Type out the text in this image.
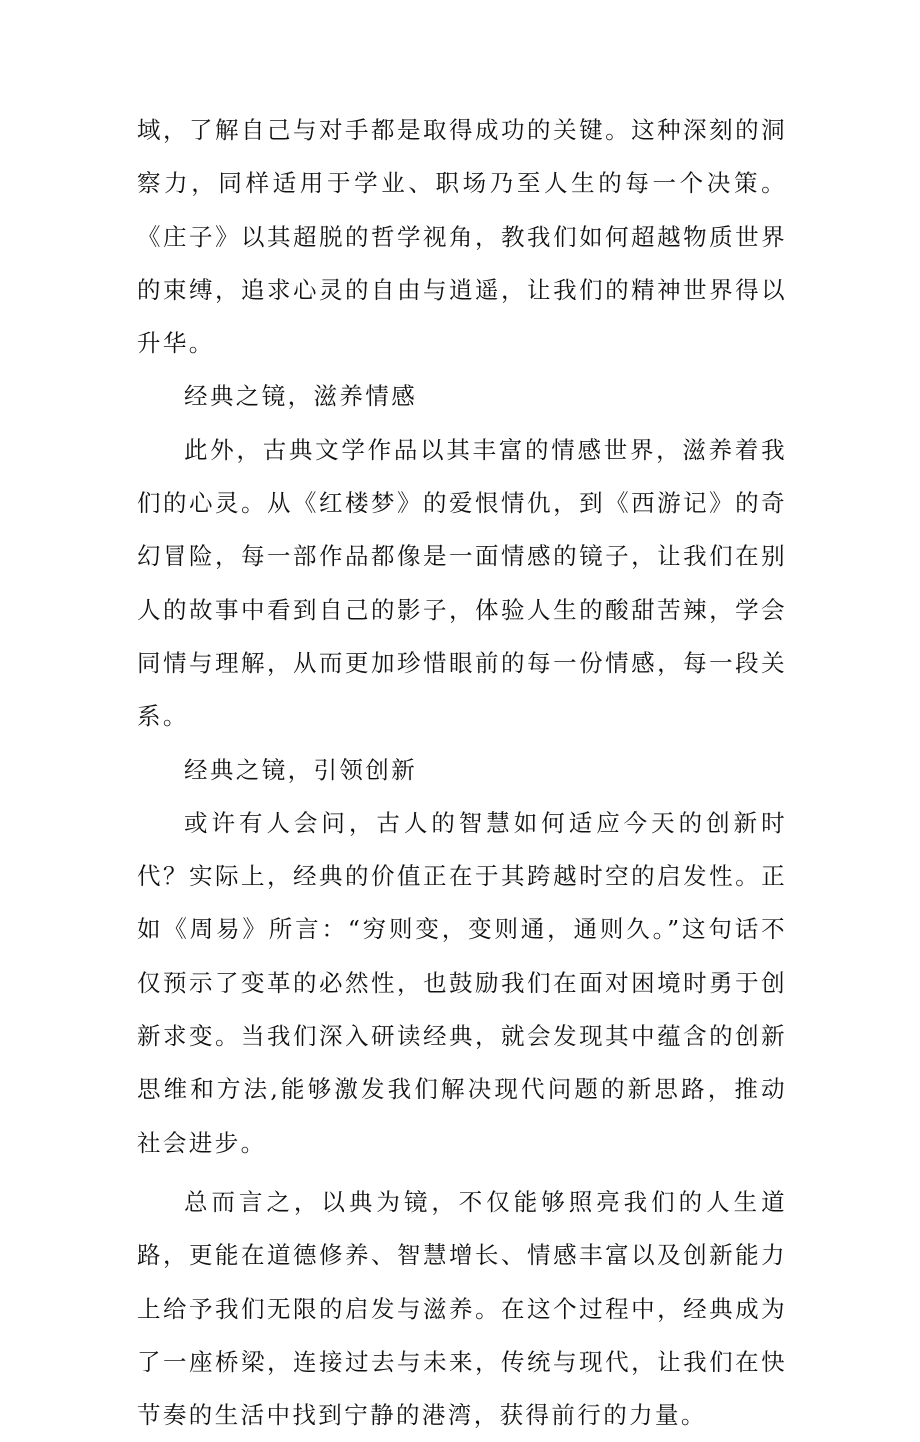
域，了解自己与对手都是取得成功的关键。这种深刻的洞察力，同样适用于学业、职场乃至人生的每一个决策。《庄子》以其超脱的哲学视角，教我们如何超越物质世界的束缚，追求心灵的自由与逍遥，让我们的精神世界得以升华。

经典之镜，滋养情感

此外，古典文学作品以其丰富的情感世界，滋养着我们的心灵。从《红楼梦》的爱恨情仇，到《西游记》的奇幻冒险，每一部作品都像是一面情感的镜子，让我们在别人的故事中看到自己的影子，体验人生的酸甜苦辣，学会同情与理解，从而更加珍惜眼前的每一份情感，每一段关系。

经典之镜，引领创新

或许有人会问，古人的智慧如何适应今天的创新时代？实际上，经典的价值正在于其跨越时空的启发性。正如《周易》所言：“穷则变，变则通，通则久。”这句话不仅预示了变革的必然性，也鼓励我们在面对困境时勇于创新求变。当我们深入研读经典，就会发现其中蕴含的创新思维和方法,能够激发我们解决现代问题的新思路，推动社会进步。

总而言之，以典为镜，不仅能够照亮我们的人生道路，更能在道德修养、智慧增长、情感丰富以及创新能力上给予我们无限的启发与滋养。在这个过程中，经典成为了一座桥梁，连接过去与未来，传统与现代，让我们在快节奏的生活中找到宁静的港湾，获得前行的力量。
